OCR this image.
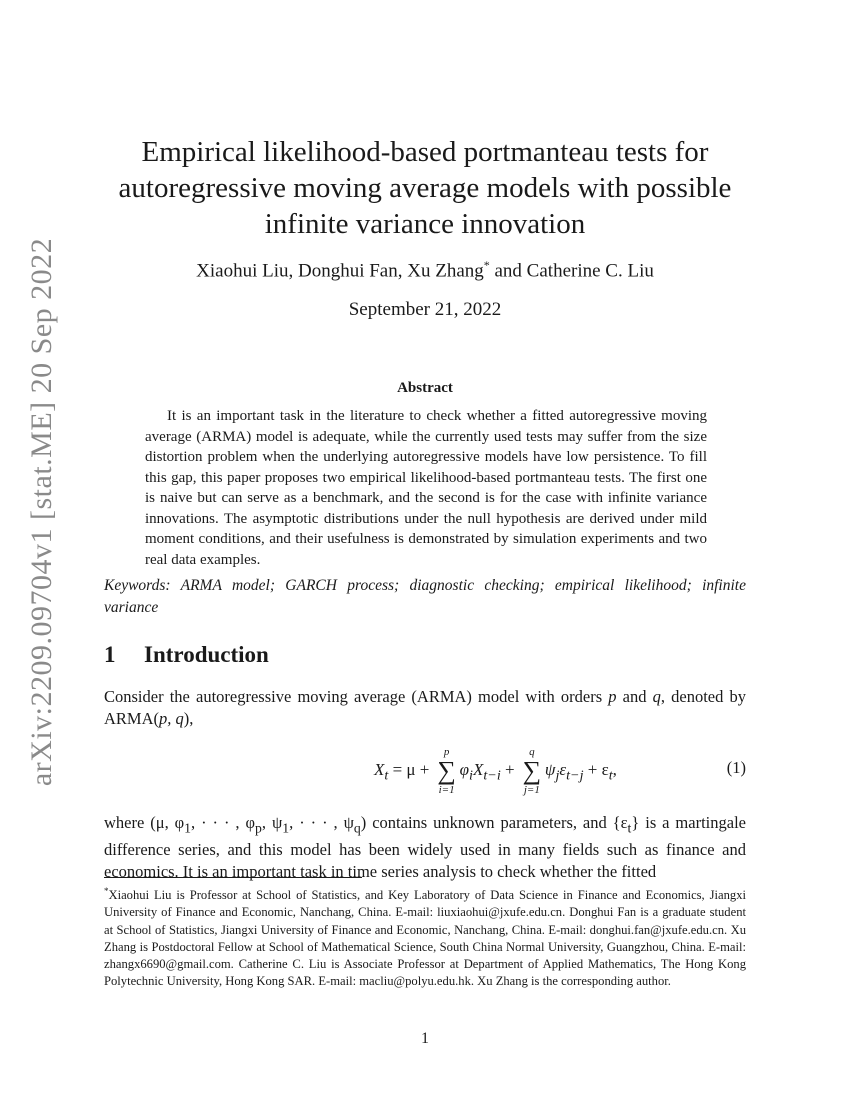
arXiv:2209.09704v1 [stat.ME] 20 Sep 2022
Empirical likelihood-based portmanteau tests for
autoregressive moving average models with possible
infinite variance innovation
Xiaohui Liu, Donghui Fan, Xu Zhang* and Catherine C. Liu
September 21, 2022
Abstract

It is an important task in the literature to check whether a fitted autoregressive moving average (ARMA) model is adequate, while the currently used tests may suffer from the size distortion problem when the underlying autoregressive models have low persistence. To fill this gap, this paper proposes two empirical likelihood-based portmanteau tests. The first one is naive but can serve as a benchmark, and the second is for the case with infinite variance innovations. The asymptotic distributions under the null hypothesis are derived under mild moment conditions, and their usefulness is demonstrated by simulation experiments and two real data examples.

Keywords: ARMA model; GARCH process; diagnostic checking; empirical likelihood; infinite variance

1 Introduction

Consider the autoregressive moving average (ARMA) model with orders p and q, denoted by ARMA(p, q),

$X_t = \mu$ + ∑
p
i=1
$\varphi_iX_{t-i}$ + ∑
q
j=1
$\psi_j\varepsilon_{t-j} + \varepsilon_t$,	(1)

where (μ, $\varphi_1$, · · · , $\varphi_p$, $\psi_1$, · · · , $\psi_q$) contains unknown parameters, and $\{\varepsilon_t\}$ is a martingale difference series, and this model has been widely used in many fields such as finance and economics. It is an important task in time series analysis to check whether the fitted

*Xiaohui Liu is Professor at School of Statistics, and Key Laboratory of Data Science in Finance and Economics, Jiangxi University of Finance and Economic, Nanchang, China. E-mail: liuxiaohui@jxufe.edu.cn. Donghui Fan is a graduate student at School of Statistics, Jiangxi University of Finance and Economic, Nanchang, China. E-mail: donghui.fan@jxufe.edu.cn. Xu Zhang is Postdoctoral Fellow at School of Mathematical Science, South China Normal University, Guangzhou, China. E-mail: zhangx6690@gmail.com. Catherine C. Liu is Associate Professor at Department of Applied Mathematics, The Hong Kong Polytechnic University, Hong Kong SAR. E-mail: macliu@polyu.edu.hk. Xu Zhang is the corresponding author.

1
